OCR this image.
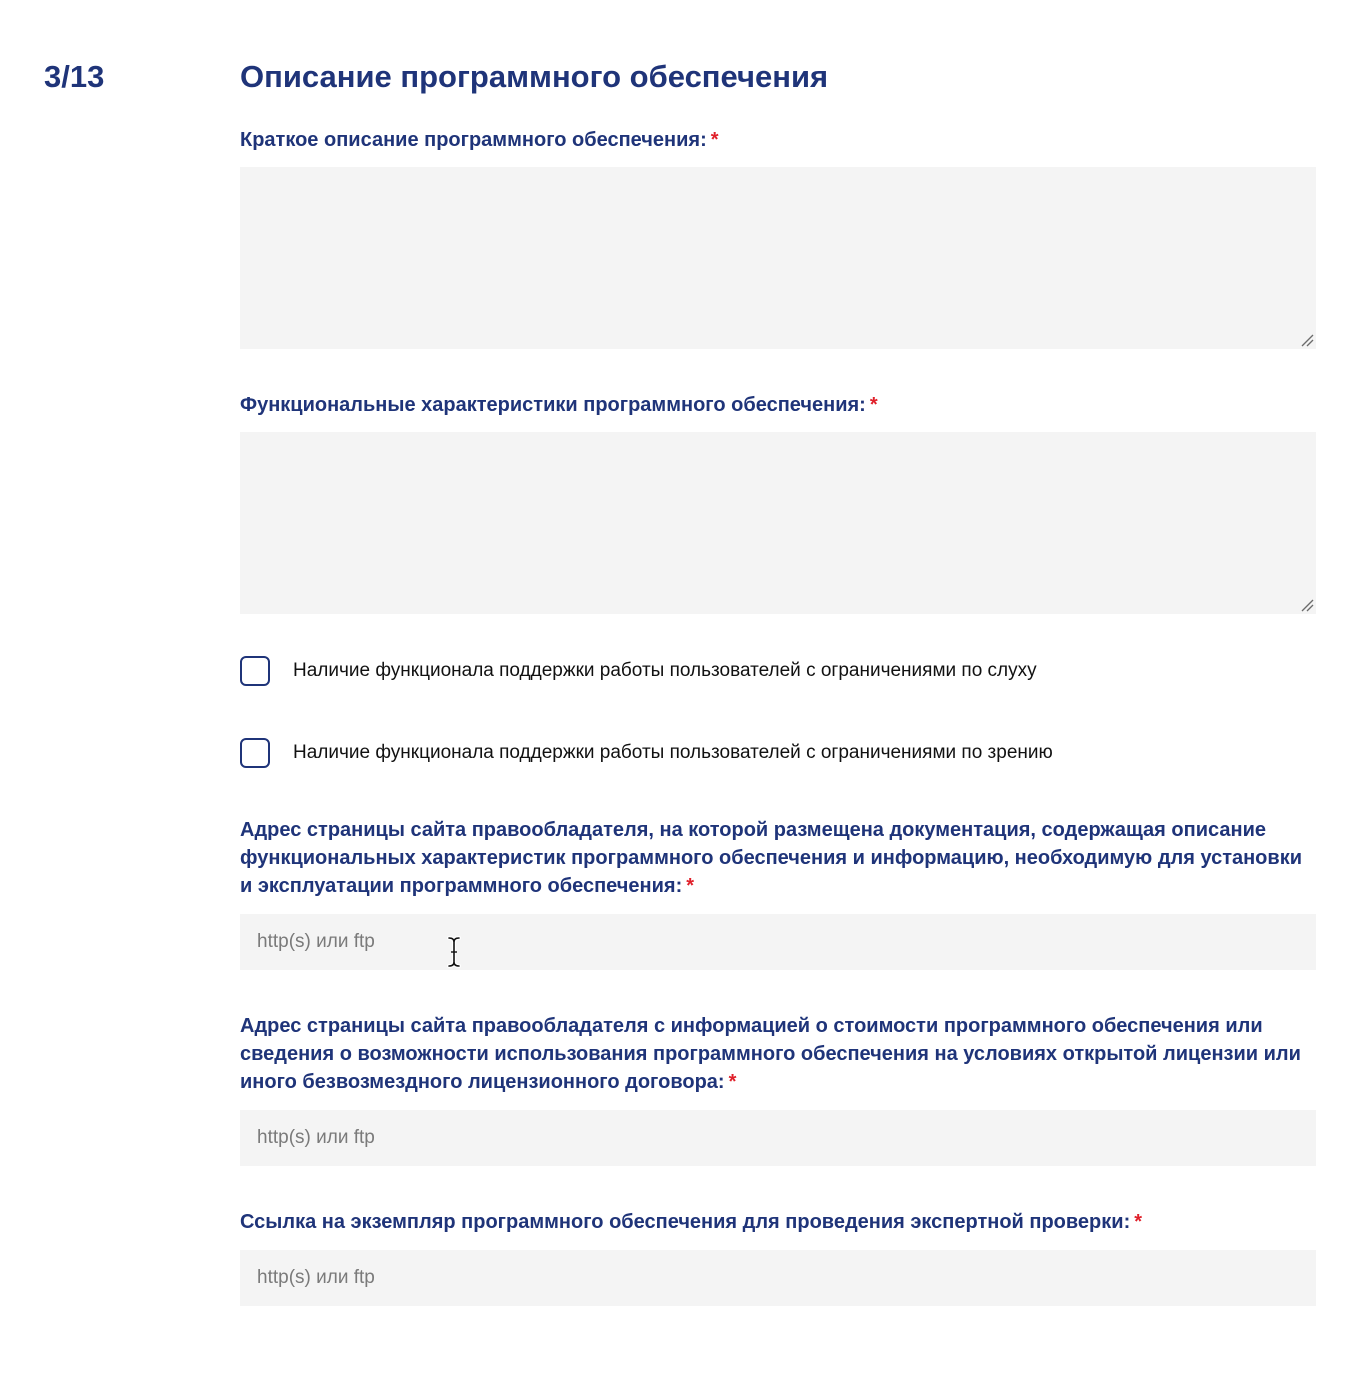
3/13	Описание программного обеспечения
Краткое описание программного обеспечения: *
Функциональные характеристики программного обеспечения: *
Наличие функционала поддержки работы пользователей с ограничениями по слуху
Наличие функционала поддержки работы пользователей с ограничениями по зрению
Адрес страницы сайта правообладателя, на которой размещена документация, содержащая описание функциональных характеристик программного обеспечения и информацию, необходимую для установки и эксплуатации программного обеспечения: *
http(s) или ftp
Адрес страницы сайта правообладателя с информацией о стоимости программного обеспечения или сведения о возможности использования программного обеспечения на условиях открытой лицензии или иного безвозмездного лицензионного договора: *
http(s) или ftp
Ссылка на экземпляр программного обеспечения для проведения экспертной проверки: *
http(s) или ftp
